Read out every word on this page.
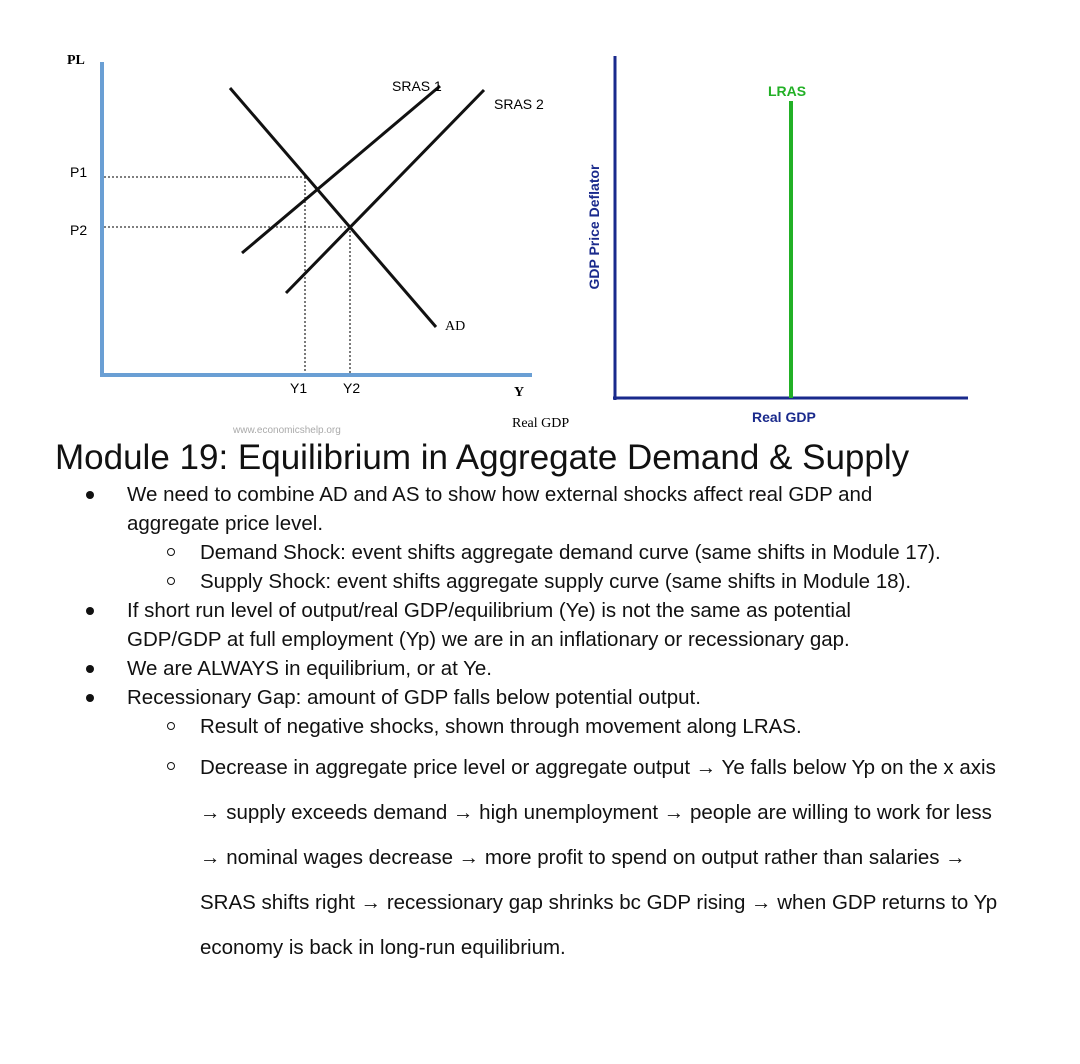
PL
P1
P2
Y1	Y2
SRAS 1
SRAS 2
AD
Y
Real GDP
www.economicshelp.org
LRAS
GDP Price Deflator
Real GDP
Module 19: Equilibrium in Aggregate Demand & Supply
We need to combine AD and AS to show how external shocks affect real GDP and aggregate price level.
Demand Shock: event shifts aggregate demand curve (same shifts in Module 17).
Supply Shock: event shifts aggregate supply curve (same shifts in Module 18).
If short run level of output/real GDP/equilibrium (Ye) is not the same as potential GDP/GDP at full employment (Yp) we are in an inflationary or recessionary gap.
We are ALWAYS in equilibrium, or at Ye.
Recessionary Gap: amount of GDP falls below potential output.
Result of negative shocks, shown through movement along LRAS.
Decrease in aggregate price level or aggregate output → Ye falls below Yp on the x axis → supply exceeds demand → high unemployment → people are willing to work for less → nominal wages decrease → more profit to spend on output rather than salaries → SRAS shifts right → recessionary gap shrinks bc GDP rising → when GDP returns to Yp economy is back in long-run equilibrium.
